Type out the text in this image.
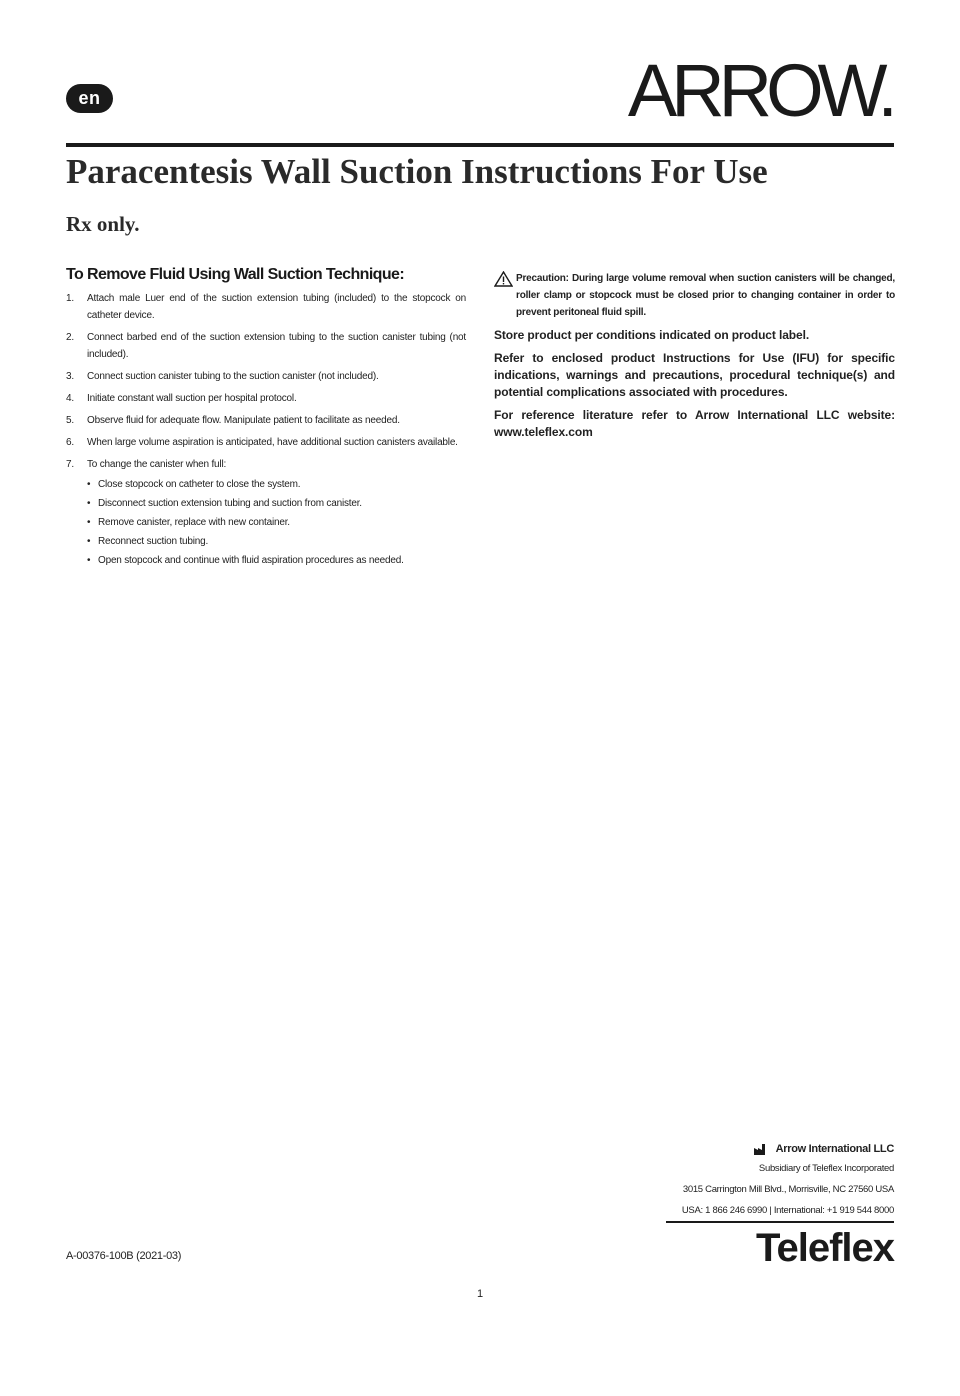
en	ARROW.
Paracentesis Wall Suction Instructions For Use
Rx only.
To Remove Fluid Using Wall Suction Technique:
1. Attach male Luer end of the suction extension tubing (included) to the stopcock on catheter device.
2. Connect barbed end of the suction extension tubing to the suction canister tubing (not included).
3. Connect suction canister tubing to the suction canister (not included).
4. Initiate constant wall suction per hospital protocol.
5. Observe fluid for adequate flow. Manipulate patient to facilitate as needed.
6. When large volume aspiration is anticipated, have additional suction canisters available.
7. To change the canister when full:
• Close stopcock on catheter to close the system.
• Disconnect suction extension tubing and suction from canister.
• Remove canister, replace with new container.
• Reconnect suction tubing.
• Open stopcock and continue with fluid aspiration procedures as needed.
Precaution: During large volume removal when suction canisters will be changed, roller clamp or stopcock must be closed prior to changing container in order to prevent peritoneal fluid spill.
Store product per conditions indicated on product label.
Refer to enclosed product Instructions for Use (IFU) for specific indications, warnings and precautions, procedural technique(s) and potential complications associated with procedures.
For reference literature refer to Arrow International LLC website: www.teleflex.com
Arrow International LLC
Subsidiary of Teleflex Incorporated
3015 Carrington Mill Blvd., Morrisville, NC 27560 USA
USA: 1 866 246 6990 | International: +1 919 544 8000
Teleflex
A-00376-100B (2021-03)
1
